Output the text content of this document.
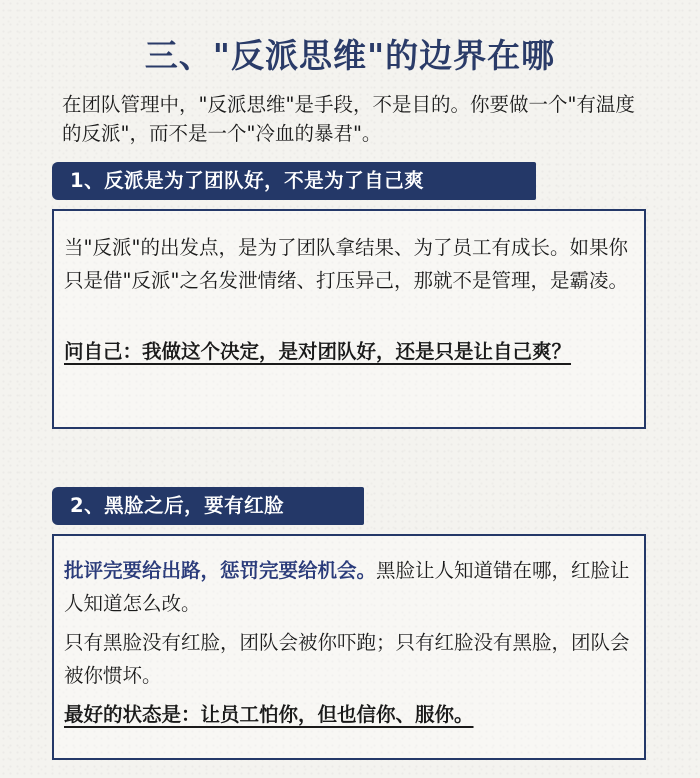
三、"反派思维"的边界在哪

在团队管理中，"反派思维"是手段，不是目的。你要做一个"有温度的反派"，而不是一个"冷血的暴君"。

1、反派是为了团队好，不是为了自己爽

当"反派"的出发点，是为了团队拿结果、为了员工有成长。如果你只是借"反派"之名发泄情绪、打压异己，那就不是管理，是霸凌。

问自己：我做这个决定，是对团队好，还是只是让自己爽？

2、黑脸之后，要有红脸

批评完要给出路，惩罚完要给机会。黑脸让人知道错在哪，红脸让人知道怎么改。

只有黑脸没有红脸，团队会被你吓跑；只有红脸没有黑脸，团队会被你惯坏。

最好的状态是：让员工怕你，但也信你、服你。
